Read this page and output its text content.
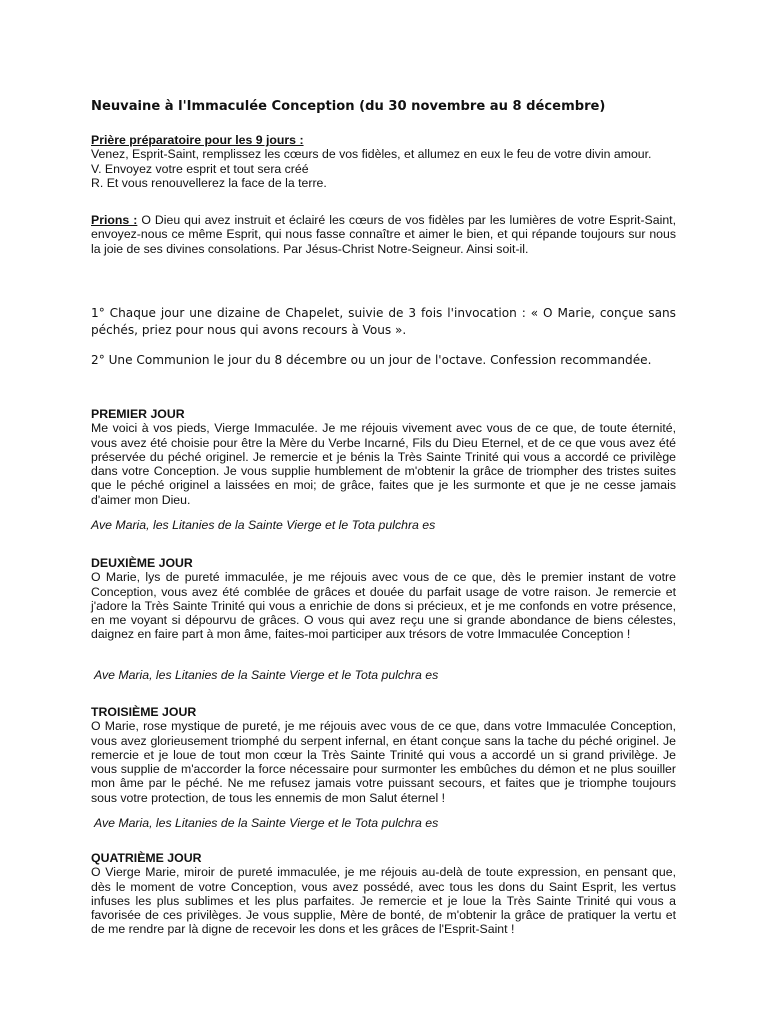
Neuvaine à l'Immaculée Conception (du 30 novembre au 8 décembre)

Prière préparatoire pour les 9 jours :

Venez, Esprit-Saint, remplissez les cœurs de vos fidèles, et allumez en eux le feu de votre divin amour.

V. Envoyez votre esprit et tout sera créé

R. Et vous renouvellerez la face de la terre.

Prions : O Dieu qui avez instruit et éclairé les cœurs de vos fidèles par les lumières de votre Esprit-Saint, envoyez-nous ce même Esprit, qui nous fasse connaître et aimer le bien, et qui répande toujours sur nous la joie de ses divines consolations. Par Jésus-Christ Notre-Seigneur. Ainsi soit-il.

1° Chaque jour une dizaine de Chapelet, suivie de 3 fois l'invocation : « O Marie, conçue sans péchés, priez pour nous qui avons recours à Vous ».

2° Une Communion le jour du 8 décembre ou un jour de l'octave. Confession recommandée.

PREMIER JOUR

Me voici à vos pieds, Vierge Immaculée. Je me réjouis vivement avec vous de ce que, de toute éternité, vous avez été choisie pour être la Mère du Verbe Incarné, Fils du Dieu Eternel, et de ce que vous avez été préservée du péché originel. Je remercie et je bénis la Très Sainte Trinité qui vous a accordé ce privilège dans votre Conception. Je vous supplie humblement de m'obtenir la grâce de triompher des tristes suites que le péché originel a laissées en moi; de grâce, faites que je les surmonte et que je ne cesse jamais d'aimer mon Dieu.

Ave Maria, les Litanies de la Sainte Vierge et le Tota pulchra es

DEUXIÈME JOUR

O Marie, lys de pureté immaculée, je me réjouis avec vous de ce que, dès le premier instant de votre Conception, vous avez été comblée de grâces et douée du parfait usage de votre raison. Je remercie et j'adore la Très Sainte Trinité qui vous a enrichie de dons si précieux, et je me confonds en votre présence, en me voyant si dépourvu de grâces. O vous qui avez reçu une si grande abondance de biens célestes, daignez en faire part à mon âme, faites-moi participer aux trésors de votre Immaculée Conception !

Ave Maria, les Litanies de la Sainte Vierge et le Tota pulchra es

TROISIÈME JOUR

O Marie, rose mystique de pureté, je me réjouis avec vous de ce que, dans votre Immaculée Conception, vous avez glorieusement triomphé du serpent infernal, en étant conçue sans la tache du péché originel. Je remercie et je loue de tout mon cœur la Très Sainte Trinité qui vous a accordé un si grand privilège. Je vous supplie de m'accorder la force nécessaire pour surmonter les embûches du démon et ne plus souiller mon âme par le péché. Ne me refusez jamais votre puissant secours, et faites que je triomphe toujours sous votre protection, de tous les ennemis de mon Salut éternel !

Ave Maria, les Litanies de la Sainte Vierge et le Tota pulchra es

QUATRIÈME JOUR

O Vierge Marie, miroir de pureté immaculée, je me réjouis au-delà de toute expression, en pensant que, dès le moment de votre Conception, vous avez possédé, avec tous les dons du Saint Esprit, les vertus infuses les plus sublimes et les plus parfaites. Je remercie et je loue la Très Sainte Trinité qui vous a favorisée de ces privilèges. Je vous supplie, Mère de bonté, de m'obtenir la grâce de pratiquer la vertu et de me rendre par là digne de recevoir les dons et les grâces de l'Esprit-Saint !
